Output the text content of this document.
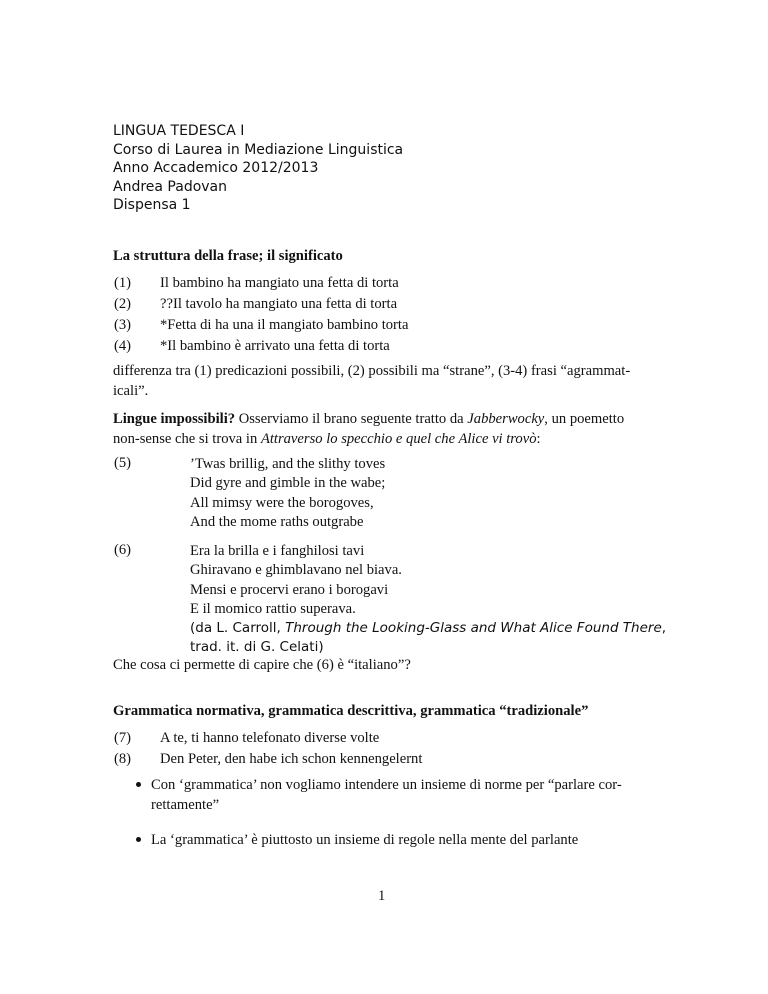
LINGUA TEDESCA I
Corso di Laurea in Mediazione Linguistica
Anno Accademico 2012/2013
Andrea Padovan
Dispensa 1
La struttura della frase; il significato
(1)	Il bambino ha mangiato una fetta di torta
(2)	??Il tavolo ha mangiato una fetta di torta
(3)	*Fetta di ha una il mangiato bambino torta
(4)	*Il bambino è arrivato una fetta di torta
differenza tra (1) predicazioni possibili, (2) possibili ma “strane”, (3-4) frasi “agrammat-
icali”.
Lingue impossibili? Osserviamo il brano seguente tratto da Jabberwocky, un poemetto
non-sense che si trova in Attraverso lo specchio e quel che Alice vi trovò:
(5)	’Twas brillig, and the slithy toves
Did gyre and gimble in the wabe;
All mimsy were the borogoves,
And the mome raths outgrabe
(6)	Era la brilla e i fanghilosi tavi
Ghiravano e ghimblavano nel biava.
Mensi e procervi erano i borogavi
E il momico rattio superava.
(da L. Carroll, Through the Looking-Glass and What Alice Found There,
trad. it. di G. Celati)
Che cosa ci permette di capire che (6) è “italiano”?
Grammatica normativa, grammatica descrittiva, grammatica “tradizionale”
(7)	A te, ti hanno telefonato diverse volte
(8)	Den Peter, den habe ich schon kennengelernt
Con ‘grammatica’ non vogliamo intendere un insieme di norme per “parlare cor-
rettamente”
La ‘grammatica’ è piuttosto un insieme di regole nella mente del parlante
1
